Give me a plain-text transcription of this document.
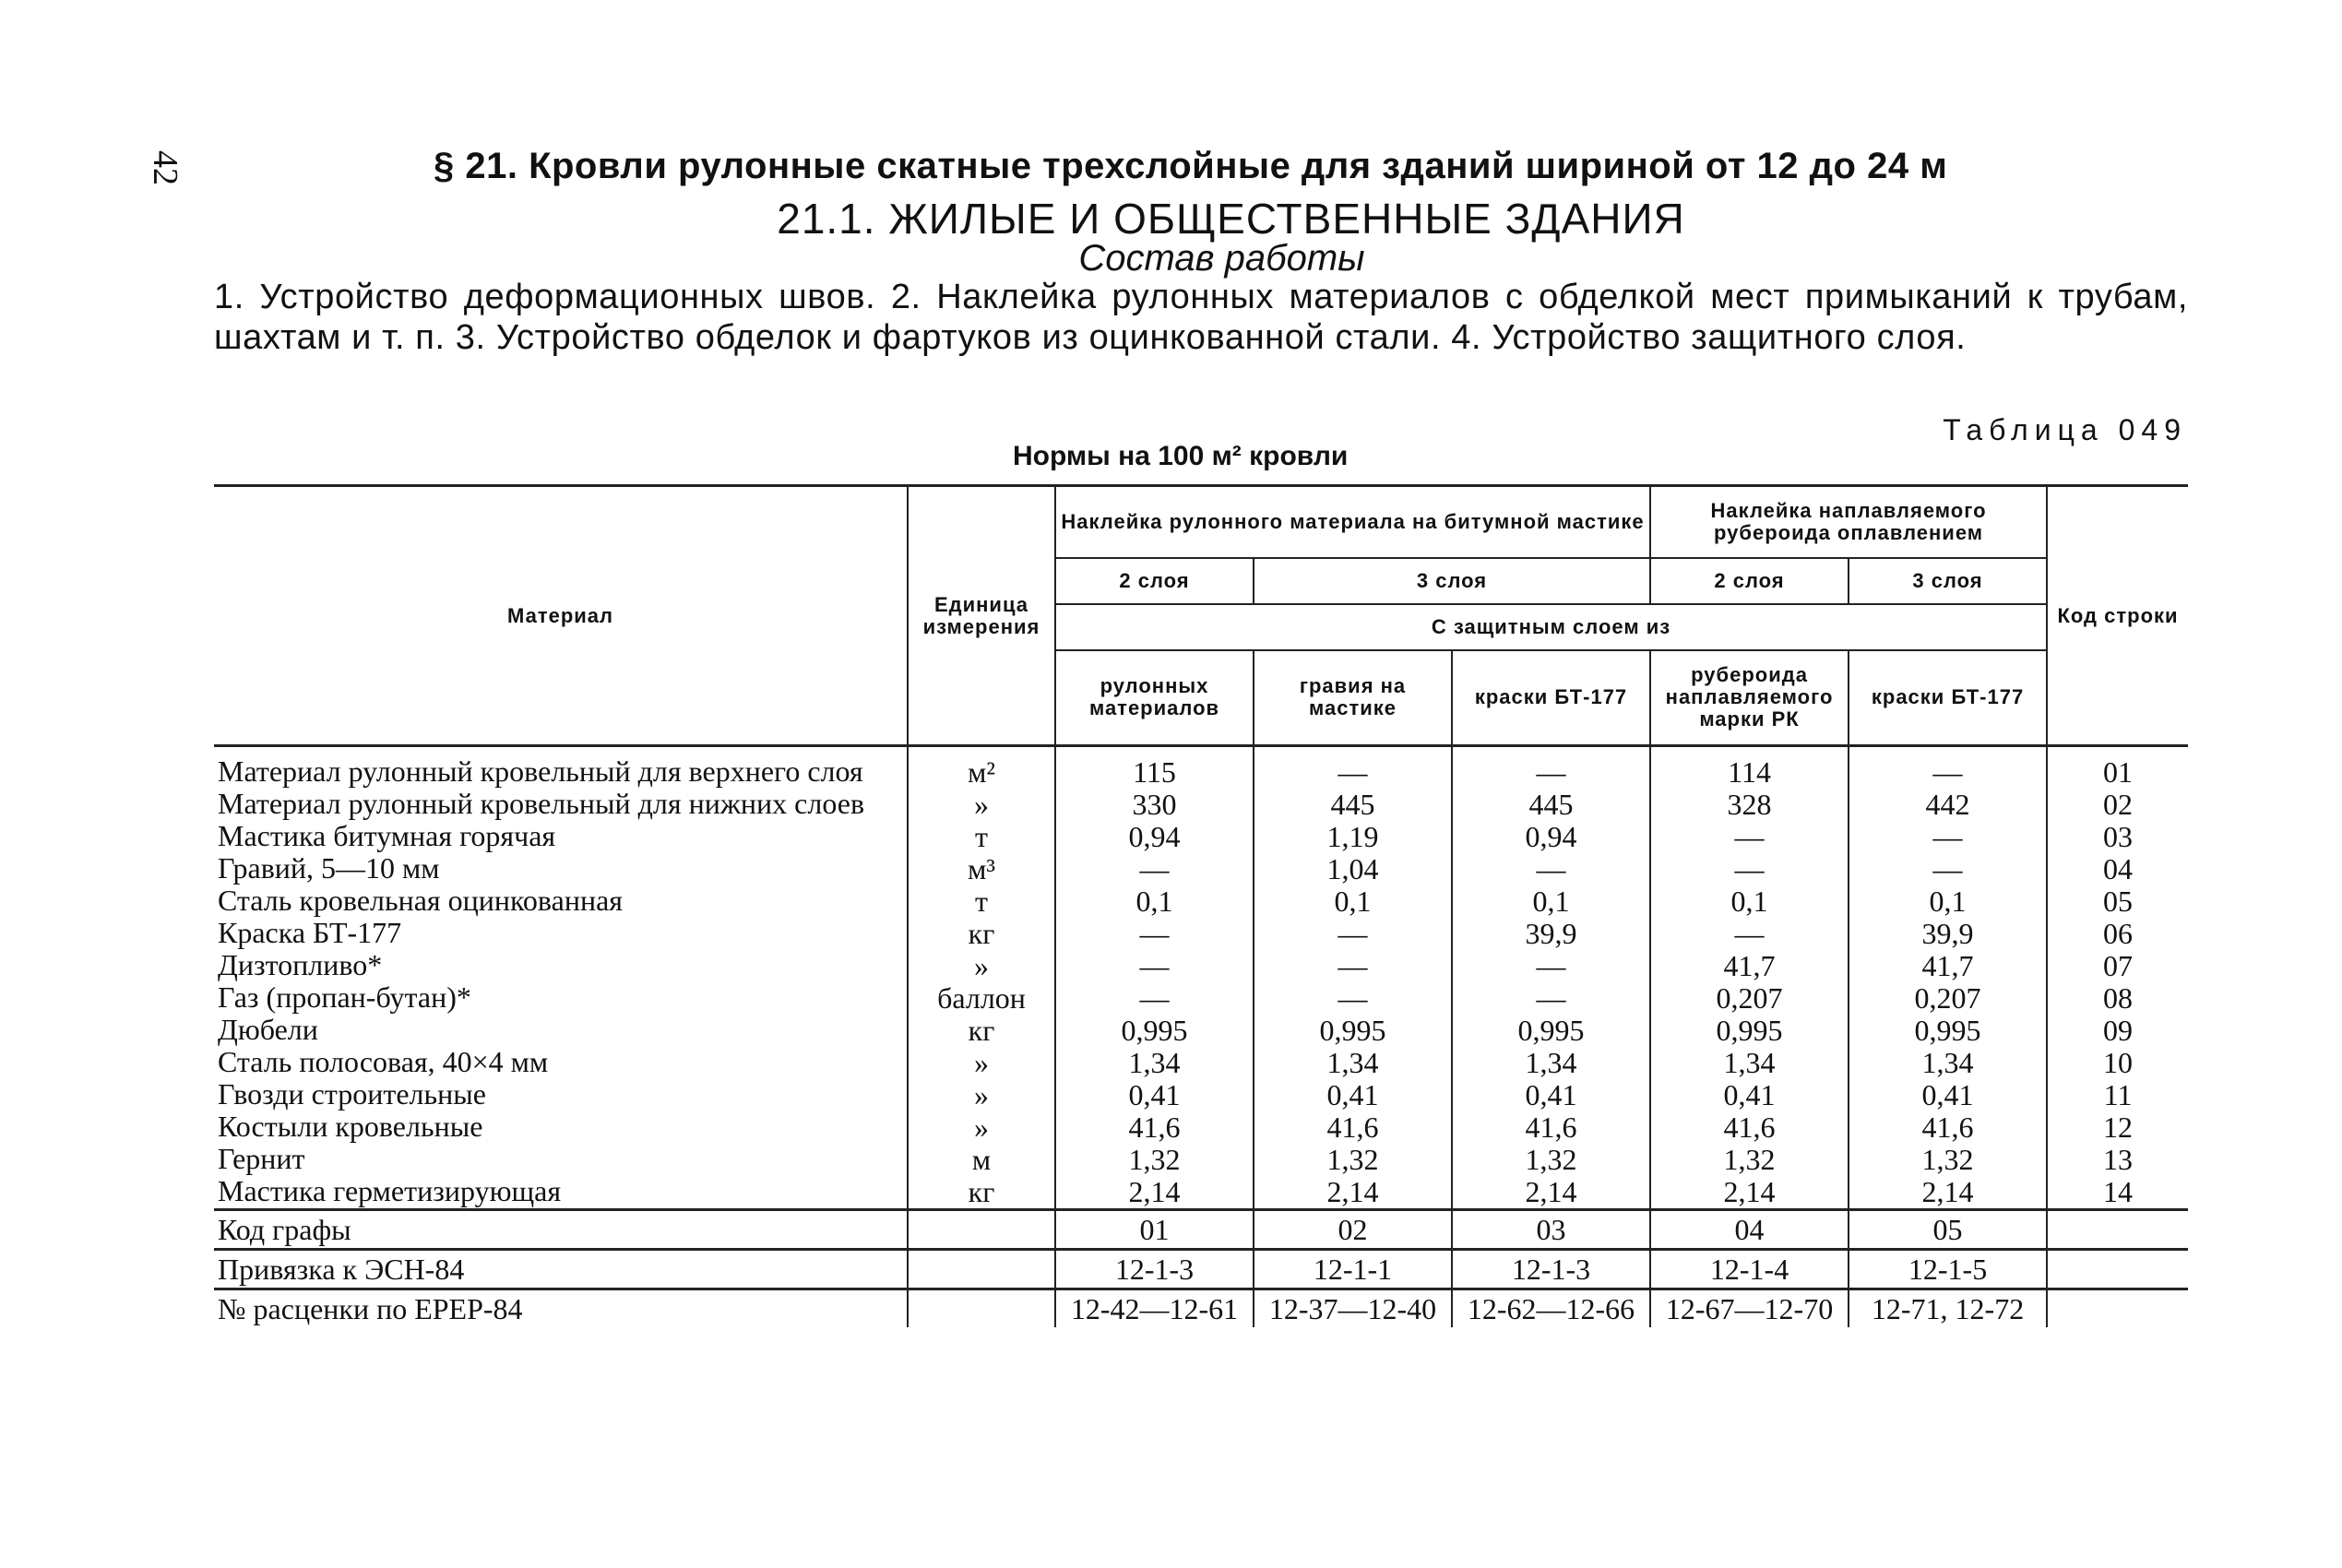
42	§ 21. Кровли рулонные скатные трехслойные для зданий шириной от 12 до 24 м
21.1. ЖИЛЫЕ И ОБЩЕСТВЕННЫЕ ЗДАНИЯ
Состав работы
1. Устройство деформационных швов. 2. Наклейка рулонных материалов с обделкой мест примыканий к трубам, шахтам и т. п. 3. Устройство обделок и фартуков из оцинкованной стали. 4. Устройство защитного слоя.
Таблица 049
Нормы на 100 м² кровли
Материал	Единица измерения	Наклейка рулонного материала на битумной мастике			Наклейка наплавляемого рубероида оплавлением		Код строки
		2 слоя	3 слоя		2 слоя	3 слоя	
		С защитным слоем из					
		рулонных материалов	гравия на мастике	краски БТ-177	рубероида наплавляемого марки РК	краски БТ-177	
Материал рулонный кровельный для верхнего слоя	м²	115	—	—	114	—	01
Материал рулонный кровельный для нижних слоев	»	330	445	445	328	442	02
Мастика битумная горячая	т	0,94	1,19	0,94	—	—	03
Гравий, 5—10 мм	м³	—	1,04	—	—	—	04
Сталь кровельная оцинкованная	т	0,1	0,1	0,1	0,1	0,1	05
Краска БТ-177	кг	—	—	39,9	—	39,9	06
Дизтопливо*	»	—	—	—	41,7	41,7	07
Газ (пропан-бутан)*	баллон	—	—	—	0,207	0,207	08
Дюбели	кг	0,995	0,995	0,995	0,995	0,995	09
Сталь полосовая, 40×4 мм	»	1,34	1,34	1,34	1,34	1,34	10
Гвозди строительные	»	0,41	0,41	0,41	0,41	0,41	11
Костыли кровельные	»	41,6	41,6	41,6	41,6	41,6	12
Гернит	м	1,32	1,32	1,32	1,32	1,32	13
Мастика герметизирующая	кг	2,14	2,14	2,14	2,14	2,14	14
Код графы		01	02	03	04	05	
Привязка к ЭСН-84		12-1-3	12-1-1	12-1-3	12-1-4	12-1-5	
№ расценки по ЕРЕР-84		12-42—12-61	12-37—12-40	12-62—12-66	12-67—12-70	12-71, 12-72	
